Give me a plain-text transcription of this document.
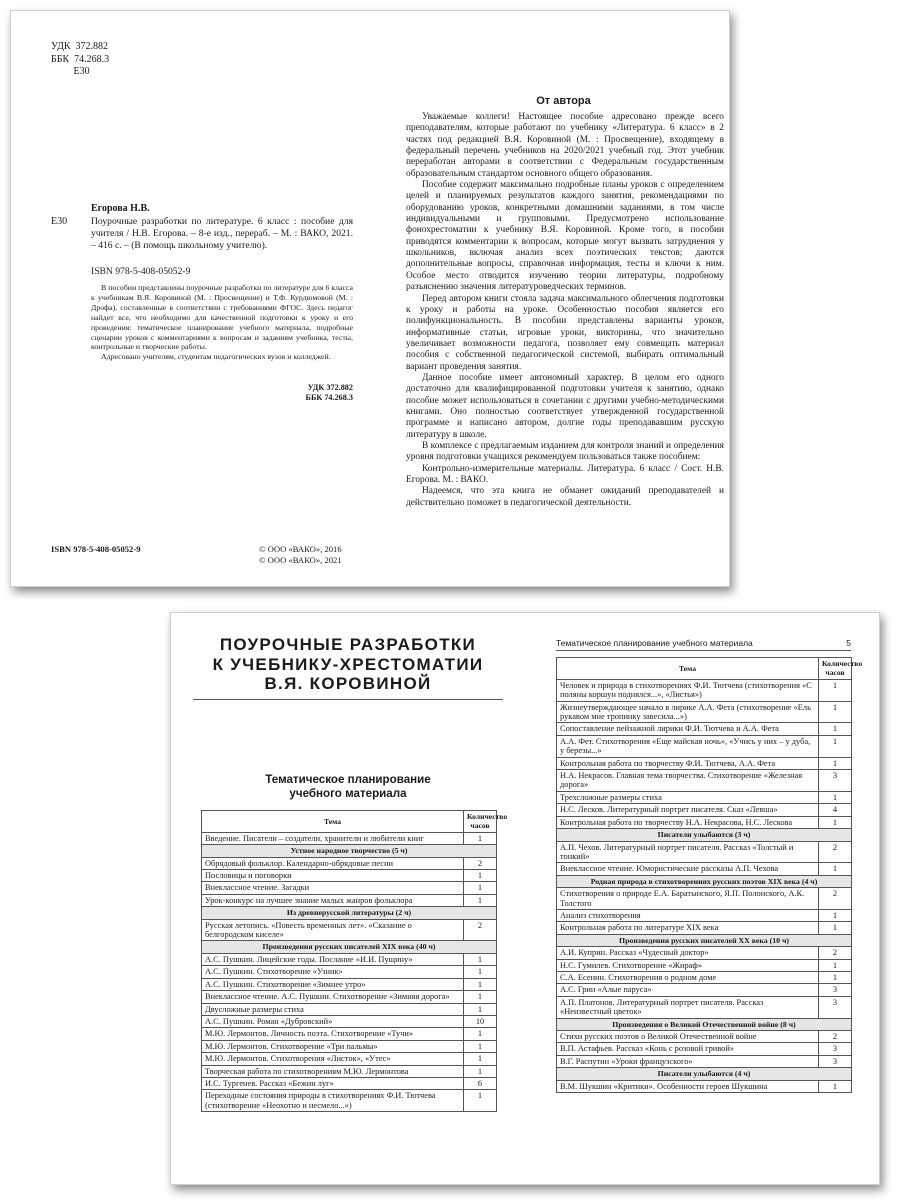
УДК  372.882
ББК  74.268.3
Е30
Егорова Н.В.
Е30 Поурочные разработки по литературе. 6 класс : пособие для учителя / Н.В. Егорова. – 8-е изд., перераб. – М. : ВАКО, 2021. – 416 с. – (В помощь школьному учителю).
ISBN 978-5-408-05052-9

В пособии представлены поурочные разработки по литературе для 6 класса к учебникам В.Я. Коровиной (М. : Просвещение) и Т.Ф. Курдюмовой (М. : Дрофа), составленные в соответствии с требованиями ФГОС. Здесь педагог найдет все, что необходимо для качественной подготовки к уроку и его проведения: тематическое планирование учебного материала, подробные сценарии уроков с комментариями к вопросам и заданиям учебника, тесты, контрольные и творческие работы.

Адресовано учителям, студентам педагогических вузов и колледжей.

УДК 372.882
ББК 74.268.3
ISBN 978-5-408-05052-9	© ООО «ВАКО», 2016
© ООО «ВАКО», 2021
От автора

Уважаемые коллеги! Настоящее пособие адресовано прежде всего преподавателям, которые работают по учебнику «Литература. 6 класс» в 2 частях под редакцией В.Я. Коровиной (М. : Просвещение), входящему в федеральный перечень учебников на 2020/2021 учебный год. Этот учебник переработан авторами в соответствии с Федеральным государственным образовательным стандартом основного общего образования.

Пособие содержит максимально подробные планы уроков с определением целей и планируемых результатов каждого занятия, рекомендациями по оборудованию уроков, конкретными домашними заданиями, в том числе индивидуальными и групповыми. Предусмотрено использование фонохрестоматии к учебнику В.Я. Коровиной. Кроме того, в пособии приводятся комментарии к вопросам, которые могут вызвать затруднения у школьников, включая анализ всех поэтических текстов; даются дополнительные вопросы, справочная информация, тесты и ключи к ним. Особое место отводится изучению теории литературы, подробному разъяснению значения литературоведческих терминов.

Перед автором книги стояла задача максимального облегчения подготовки к уроку и работы на уроке. Особенностью пособия является его полифункциональность. В пособии представлены варианты уроков, информативные статьи, игровые уроки, викторины, что значительно увеличивает возможности педагога, позволяет ему совмещать материал пособия с собственной педагогической системой, выбирать оптимальный вариант проведения занятия.

Данное пособие имеет автономный характер. В целом его одного достаточно для квалифицированной подготовки учителя к занятию, однако пособие может использоваться в сочетании с другими учебно-методическими книгами. Оно полностью соответствует утвержденной государственной программе и написано автором, долгие годы преподававшим русскую литературу в школе.

В комплексе с предлагаемым изданием для контроля знаний и определения уровня подготовки учащихся рекомендуем пользоваться также пособием:

Контрольно-измерительные материалы. Литература. 6 класс / Сост. Н.В. Егорова. М. : ВАКО.

Надеемся, что эта книга не обманет ожиданий преподавателей и действительно поможет в педагогической деятельности.

ПОУРОЧНЫЕ РАЗРАБОТКИ
К УЧЕБНИКУ-ХРЕСТОМАТИИ
В.Я. КОРОВИНОЙ
Тематическое планирование
учебного материала
Тема	Количество часов
Введение. Писатели – создатели, хранители и любители книг	1
Устное народное творчество (5 ч)	
Обрядовый фольклор. Календарно-обрядовые песни	2
Пословицы и поговорки	1
Внеклассное чтение. Загадки	1
Урок-конкурс на лучшее знание малых жанров фольклора	1
Из древнерусской литературы (2 ч)	
Русская летопись. «Повесть временных лет». «Сказание о белгородском киселе»	2
Произведения русских писателей XIX века (40 ч)	
А.С. Пушкин. Лицейские годы. Послание «И.И. Пущину»	1
А.С. Пушкин. Стихотворение «Узник»	1
А.С. Пушкин. Стихотворение «Зимнее утро»	1
Внеклассное чтение. А.С. Пушкин. Стихотворение «Зимняя дорога»	1
Двусложные размеры стиха	1
А.С. Пушкин. Роман «Дубровский»	10
М.Ю. Лермонтов. Личность поэта. Стихотворение «Тучи»	1
М.Ю. Лермонтов. Стихотворение «Три пальмы»	1
М.Ю. Лермонтов. Стихотворения «Листок», «Утес»	1
Творческая работа по стихотворениям М.Ю. Лермонтова	1
И.С. Тургенев. Рассказ «Бежин луг»	6
Переходные состояния природы в стихотворениях Ф.И. Тютчева (стихотворение «Неохотно и несмело...»)	1
Тематическое планирование учебного материала	5
Тема	Количество часов
Человек и природа в стихотворениях Ф.И. Тютчева (стихотворения «С поляны коршун поднялся...», «Листья»)	1
Жизнеутверждающее начало в лирике А.А. Фета (стихотворение «Ель рукавом мне тропинку завесила...»)	1
Сопоставление пейзажной лирики Ф.И. Тютчева и А.А. Фета	1
А.А. Фет. Стихотворения «Еще майская ночь», «Учись у них – у дуба, у березы...»	1
Контрольная работа по творчеству Ф.И. Тютчева, А.А. Фета	1
Н.А. Некрасов. Главная тема творчества. Стихотворение «Железная дорога»	3
Трехсложные размеры стиха	1
Н.С. Лесков. Литературный портрет писателя. Сказ «Левша»	4
Контрольная работа по творчеству Н.А. Некрасова, Н.С. Лескова	1
Писатели улыбаются (3 ч)	
А.П. Чехов. Литературный портрет писателя. Рассказ «Толстый и тонкий»	2
Внеклассное чтение. Юмористические рассказы А.П. Чехова	1
Родная природа в стихотворениях русских поэтов XIX века (4 ч)	
Стихотворения о природе Е.А. Баратынского, Я.П. Полонского, А.К. Толстого	2
Анализ стихотворения	1
Контрольная работа по литературе XIX века	1
Произведения русских писателей XX века (10 ч)	
А.И. Куприн. Рассказ «Чудесный доктор»	2
Н.С. Гумилев. Стихотворение «Жираф»	1
С.А. Есенин. Стихотворения о родном доме	1
А.С. Грин «Алые паруса»	3
А.П. Платонов. Литературный портрет писателя. Рассказ «Неизвестный цветок»	3
Произведения о Великой Отечественной войне (8 ч)	
Стихи русских поэтов о Великой Отечественной войне	2
В.П. Астафьев. Рассказ «Конь с розовой гривой»	3
В.Г. Распутин «Уроки французского»	3
Писатели улыбаются (4 ч)	
В.М. Шукшин «Критики». Особенности героев Шукшина	1
